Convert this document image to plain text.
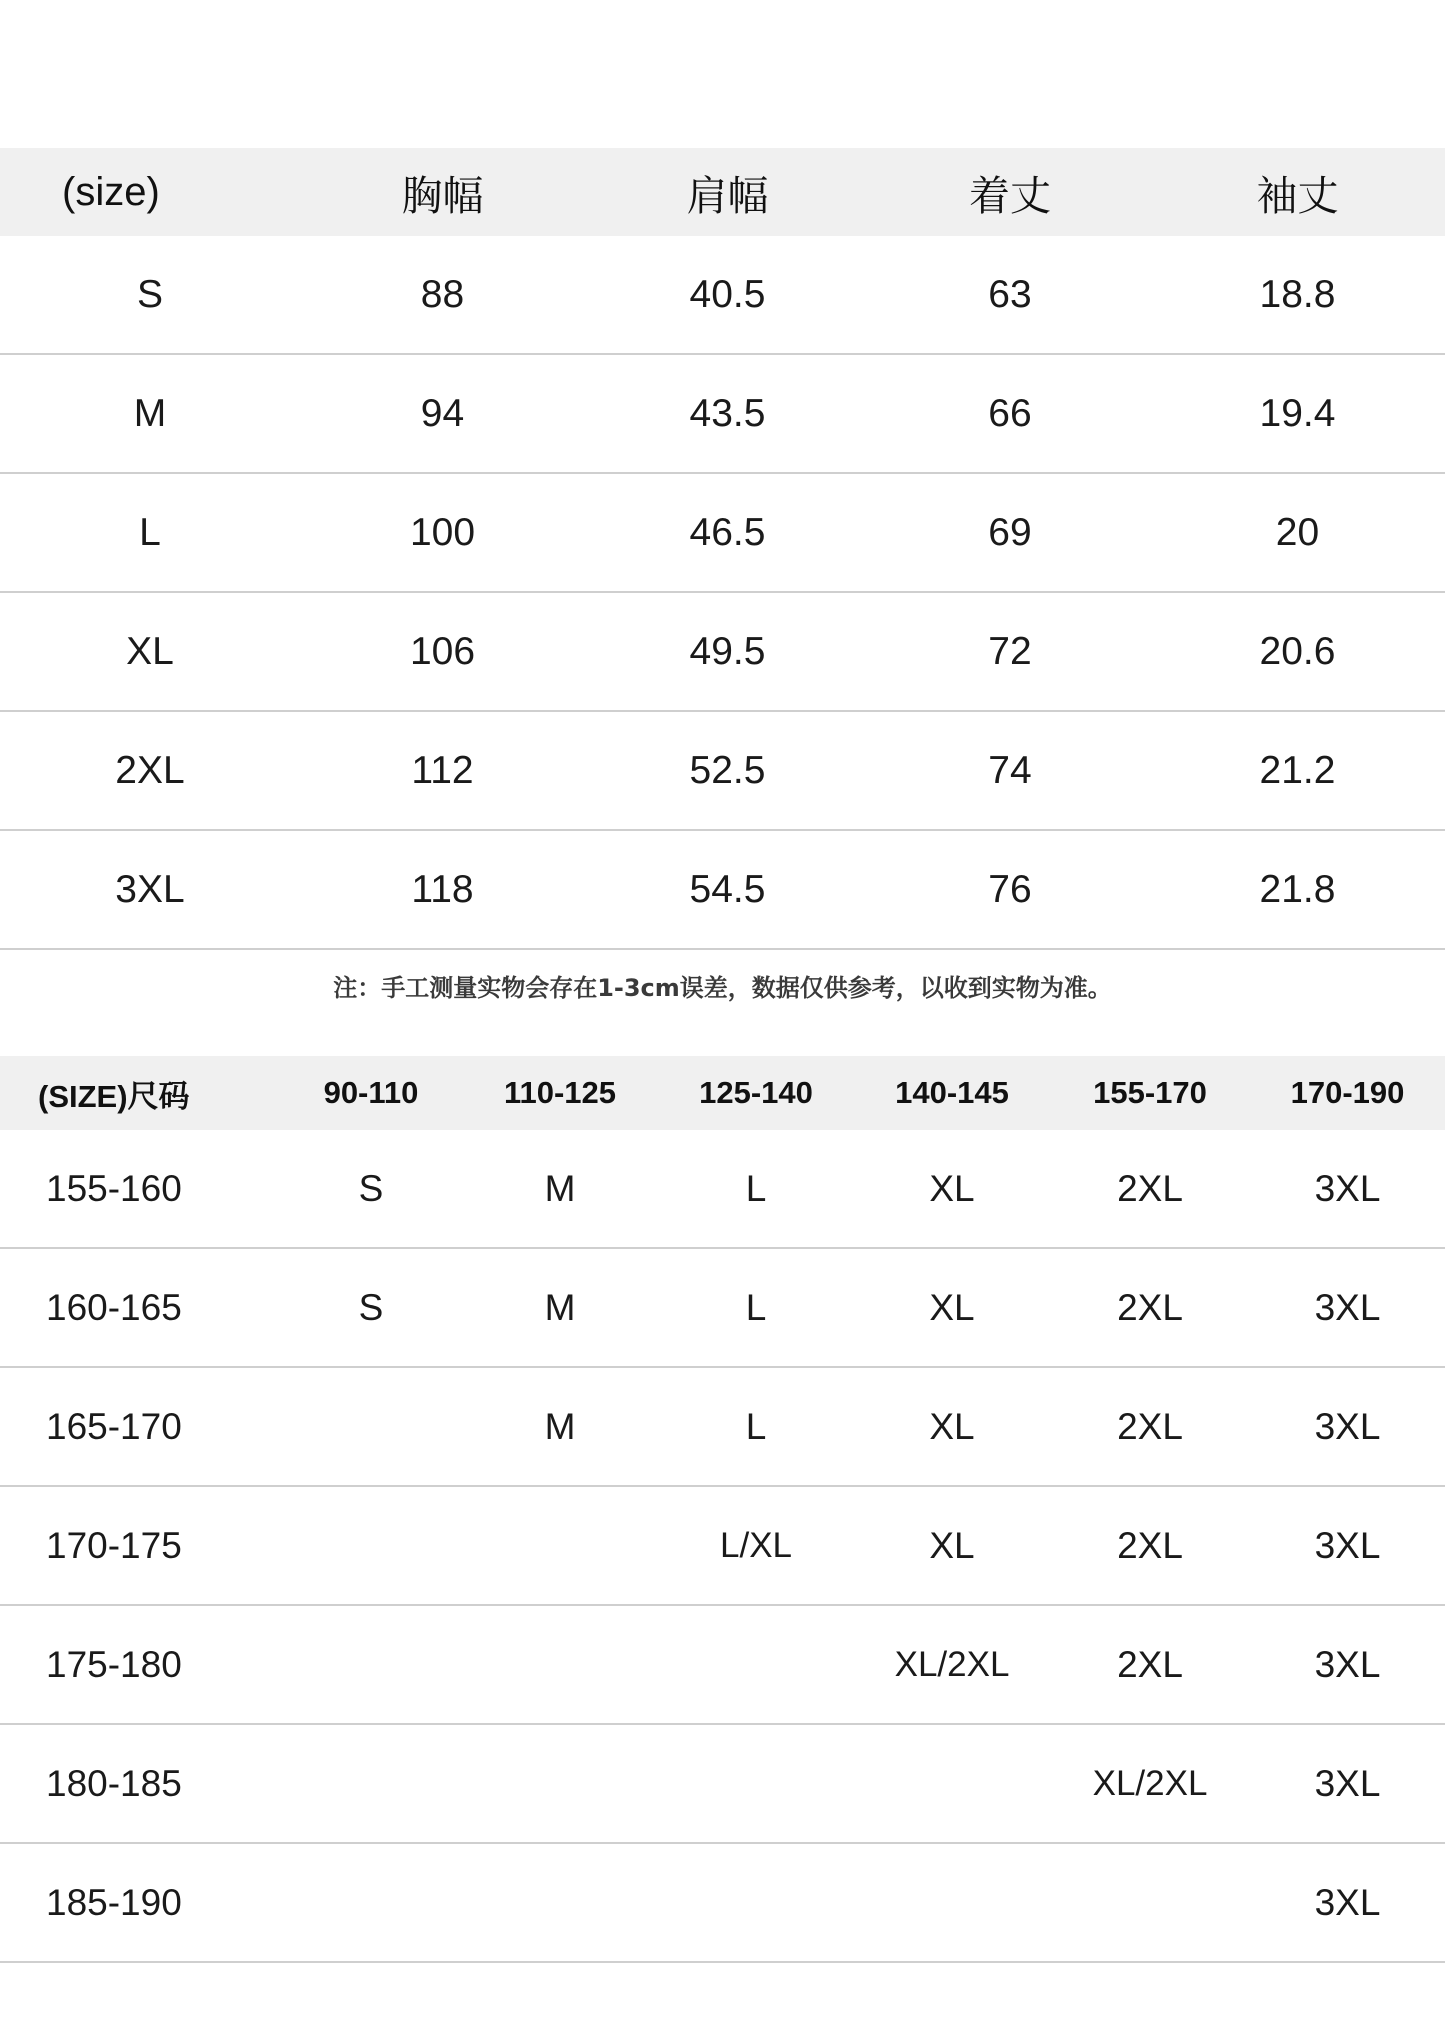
(size)	胸幅	肩幅	着丈	袖丈
S	88	40.5	63	18.8
M	94	43.5	66	19.4
L	100	46.5	69	20
XL	106	49.5	72	20.6
2XL	112	52.5	74	21.2
3XL	118	54.5	76	21.8
注：手工测量实物会存在1-3cm误差，数据仅供参考，以收到实物为准。
(SIZE)尺码	90-110	110-125	125-140	140-145	155-170	170-190
155-160	S	M	L	XL	2XL	3XL
160-165	S	M	L	XL	2XL	3XL
165-170		M	L	XL	2XL	3XL
170-175			L/XL	XL	2XL	3XL
175-180				XL/2XL	2XL	3XL
180-185					XL/2XL	3XL
185-190						3XL
